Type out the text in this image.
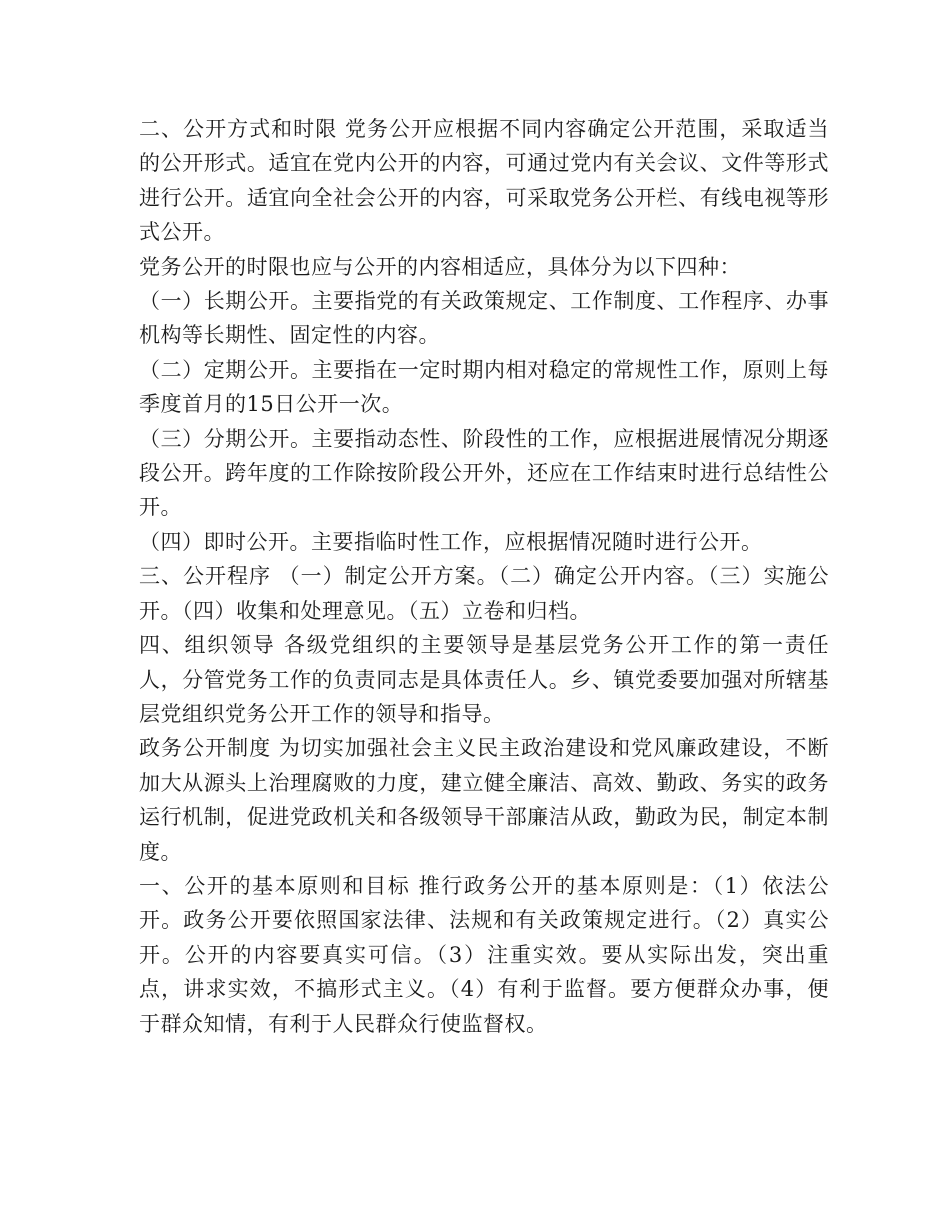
二、公开方式和时限 党务公开应根据不同内容确定公开范围，采取适当的公开形式。适宜在党内公开的内容，可通过党内有关会议、文件等形式进行公开。适宜向全社会公开的内容，可采取党务公开栏、有线电视等形式公开。

党务公开的时限也应与公开的内容相适应，具体分为以下四种：

（一）长期公开。主要指党的有关政策规定、工作制度、工作程序、办事机构等长期性、固定性的内容。

（二）定期公开。主要指在一定时期内相对稳定的常规性工作，原则上每季度首月的15日公开一次。

（三）分期公开。主要指动态性、阶段性的工作，应根据进展情况分期逐段公开。跨年度的工作除按阶段公开外，还应在工作结束时进行总结性公开。

（四）即时公开。主要指临时性工作，应根据情况随时进行公开。

三、公开程序 （一）制定公开方案。（二）确定公开内容。（三）实施公开。（四）收集和处理意见。（五）立卷和归档。

四、组织领导 各级党组织的主要领导是基层党务公开工作的第一责任人，分管党务工作的负责同志是具体责任人。乡、镇党委要加强对所辖基层党组织党务公开工作的领导和指导。

政务公开制度 为切实加强社会主义民主政治建设和党风廉政建设，不断加大从源头上治理腐败的力度，建立健全廉洁、高效、勤政、务实的政务运行机制，促进党政机关和各级领导干部廉洁从政，勤政为民，制定本制度。

一、公开的基本原则和目标 推行政务公开的基本原则是：（1）依法公开。政务公开要依照国家法律、法规和有关政策规定进行。（2）真实公开。公开的内容要真实可信。（3）注重实效。要从实际出发，突出重点，讲求实效，不搞形式主义。（4）有利于监督。要方便群众办事，便于群众知情，有利于人民群众行使监督权。
